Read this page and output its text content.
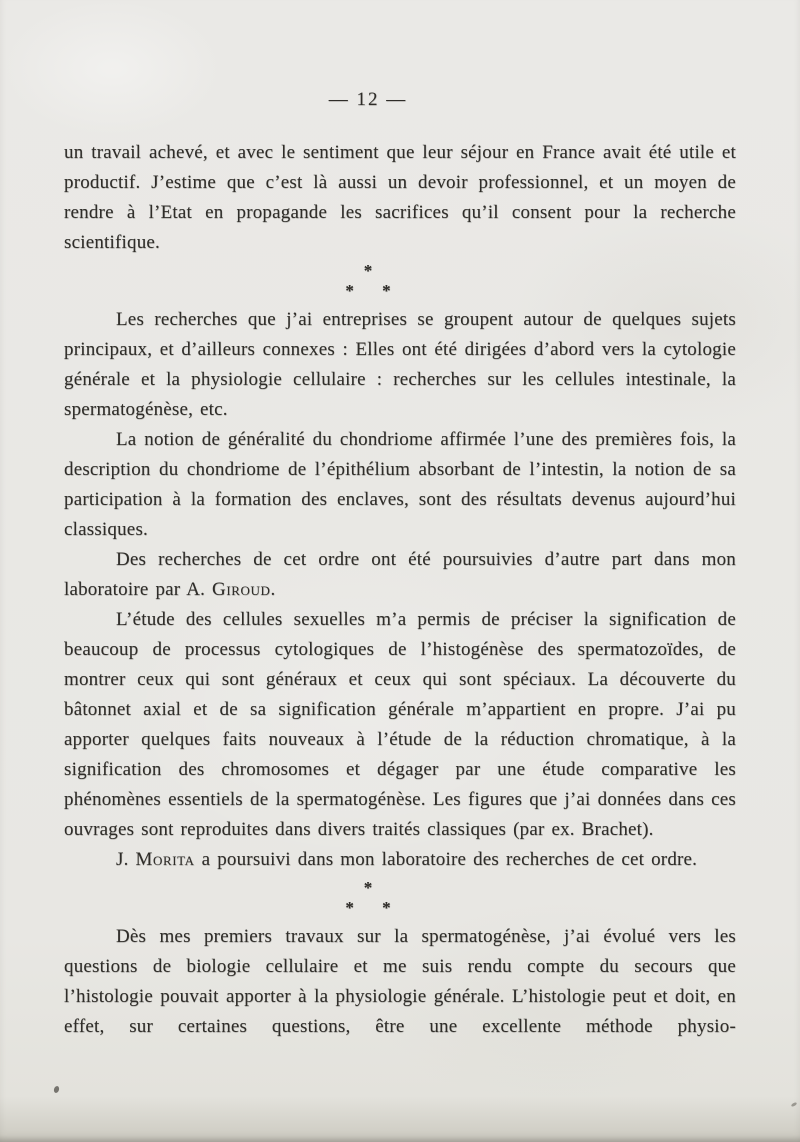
— 12 —

un travail achevé, et avec le sentiment que leur séjour en France avait été utile et productif. J’estime que c’est là aussi un devoir professionnel, et un moyen de rendre à l’Etat en propagande les sacrifices qu’il consent pour la recherche scientifique.

*
* *

Les recherches que j’ai entreprises se groupent autour de quelques sujets principaux, et d’ailleurs connexes : Elles ont été dirigées d’abord vers la cytologie générale et la physiologie cellulaire : recherches sur les cellules intestinale, la spermatogénèse, etc.

La notion de généralité du chondriome affirmée l’une des premières fois, la description du chondriome de l’épithélium absorbant de l’intestin, la notion de sa participation à la formation des enclaves, sont des résultats devenus aujourd’hui classiques.

Des recherches de cet ordre ont été poursuivies d’autre part dans mon laboratoire par A. Giroud.

L’étude des cellules sexuelles m’a permis de préciser la signification de beaucoup de processus cytologiques de l’histogénèse des spermatozoïdes, de montrer ceux qui sont généraux et ceux qui sont spéciaux. La découverte du bâtonnet axial et de sa signification générale m’appartient en propre. J’ai pu apporter quelques faits nouveaux à l’étude de la réduction chromatique, à la signification des chromosomes et dégager par une étude comparative les phénomènes essentiels de la spermatogénèse. Les figures que j’ai données dans ces ouvrages sont reproduites dans divers traités classiques (par ex. Brachet).

J. Morita a poursuivi dans mon laboratoire des recherches de cet ordre.

*
* *

Dès mes premiers travaux sur la spermatogénèse, j’ai évolué vers les questions de biologie cellulaire et me suis rendu compte du secours que l’histologie pouvait apporter à la physiologie générale. L’histologie peut et doit, en effet, sur certaines questions, être une excellente méthode physio-
